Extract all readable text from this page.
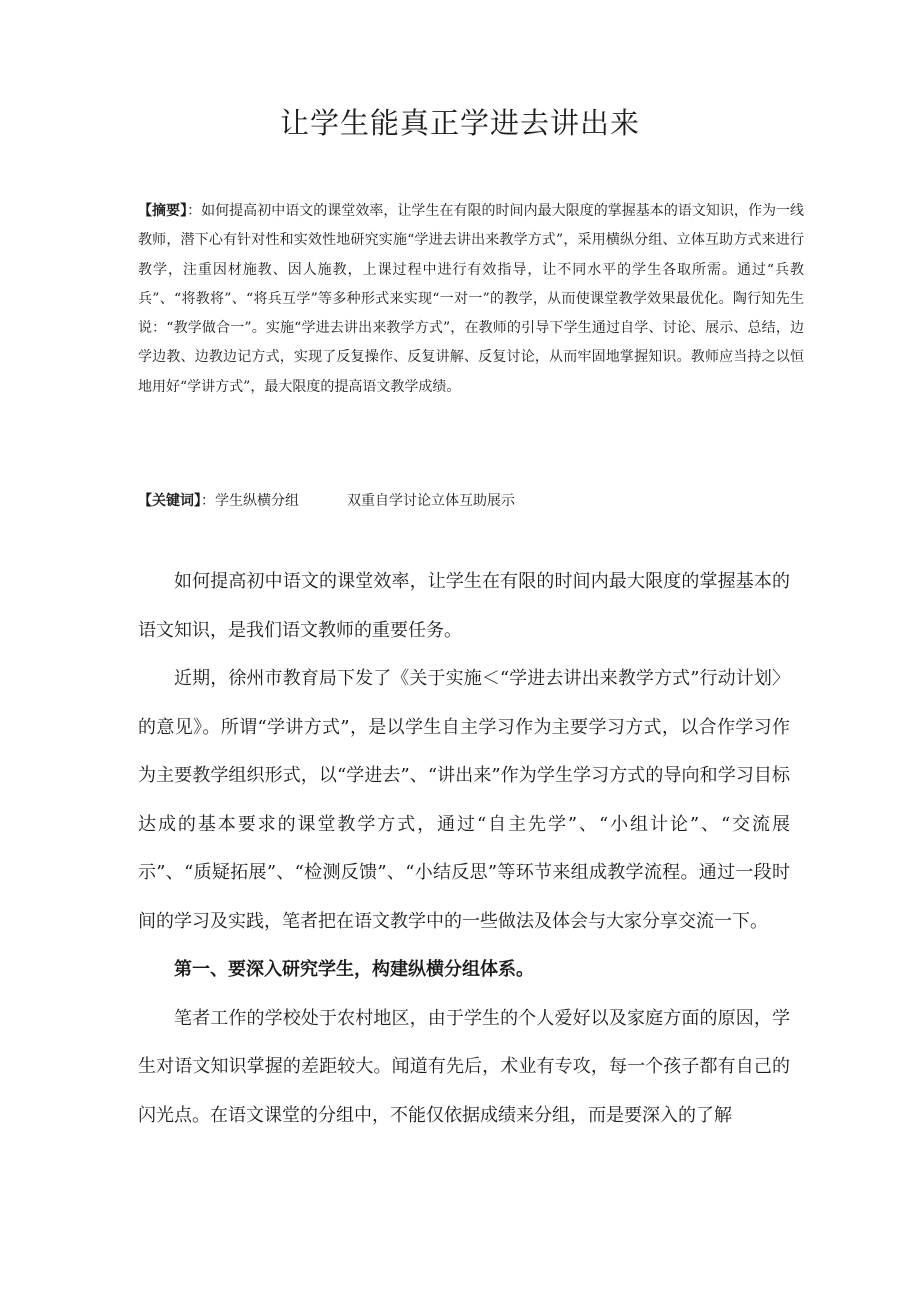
让学生能真正学进去讲出来
【摘要】：如何提高初中语文的课堂效率，让学生在有限的时间内最大限度的掌握基本的语文知识，作为一线教师，潜下心有针对性和实效性地研究实施“学进去讲出来教学方式”，采用横纵分组、立体互助方式来进行教学，注重因材施教、因人施教，上课过程中进行有效指导，让不同水平的学生各取所需。通过“兵教兵”、“将教将”、“将兵互学”等多种形式来实现“一对一”的教学，从而使课堂教学效果最优化。陶行知先生说：“教学做合一”。实施“学进去讲出来教学方式”，在教师的引导下学生通过自学、讨论、展示、总结，边学边教、边教边记方式，实现了反复操作、反复讲解、反复讨论，从而牢固地掌握知识。教师应当持之以恒地用好“学讲方式”，最大限度的提高语文教学成绩。
【关键词】：学生纵横分组	双重自学讨论立体互助展示

如何提高初中语文的课堂效率，让学生在有限的时间内最大限度的掌握基本的语文知识，是我们语文教师的重要任务。

近期，徐州市教育局下发了《关于实施＜“学进去讲出来教学方式”行动计划〉的意见》。所谓“学讲方式”，是以学生自主学习作为主要学习方式，以合作学习作为主要教学组织形式，以“学进去”、“讲出来”作为学生学习方式的导向和学习目标达成的基本要求的课堂教学方式，通过“自主先学”、“小组计论”、“交流展示”、“质疑拓展”、“检测反馈”、“小结反思”等环节来组成教学流程。通过一段时间的学习及实践，笔者把在语文教学中的一些做法及体会与大家分享交流一下。

第一、要深入研究学生，构建纵横分组体系。

笔者工作的学校处于农村地区，由于学生的个人爱好以及家庭方面的原因，学生对语文知识掌握的差距较大。闻道有先后，术业有专攻，每一个孩子都有自己的闪光点。在语文课堂的分组中，不能仅依据成绩来分组，而是要深入的了解
